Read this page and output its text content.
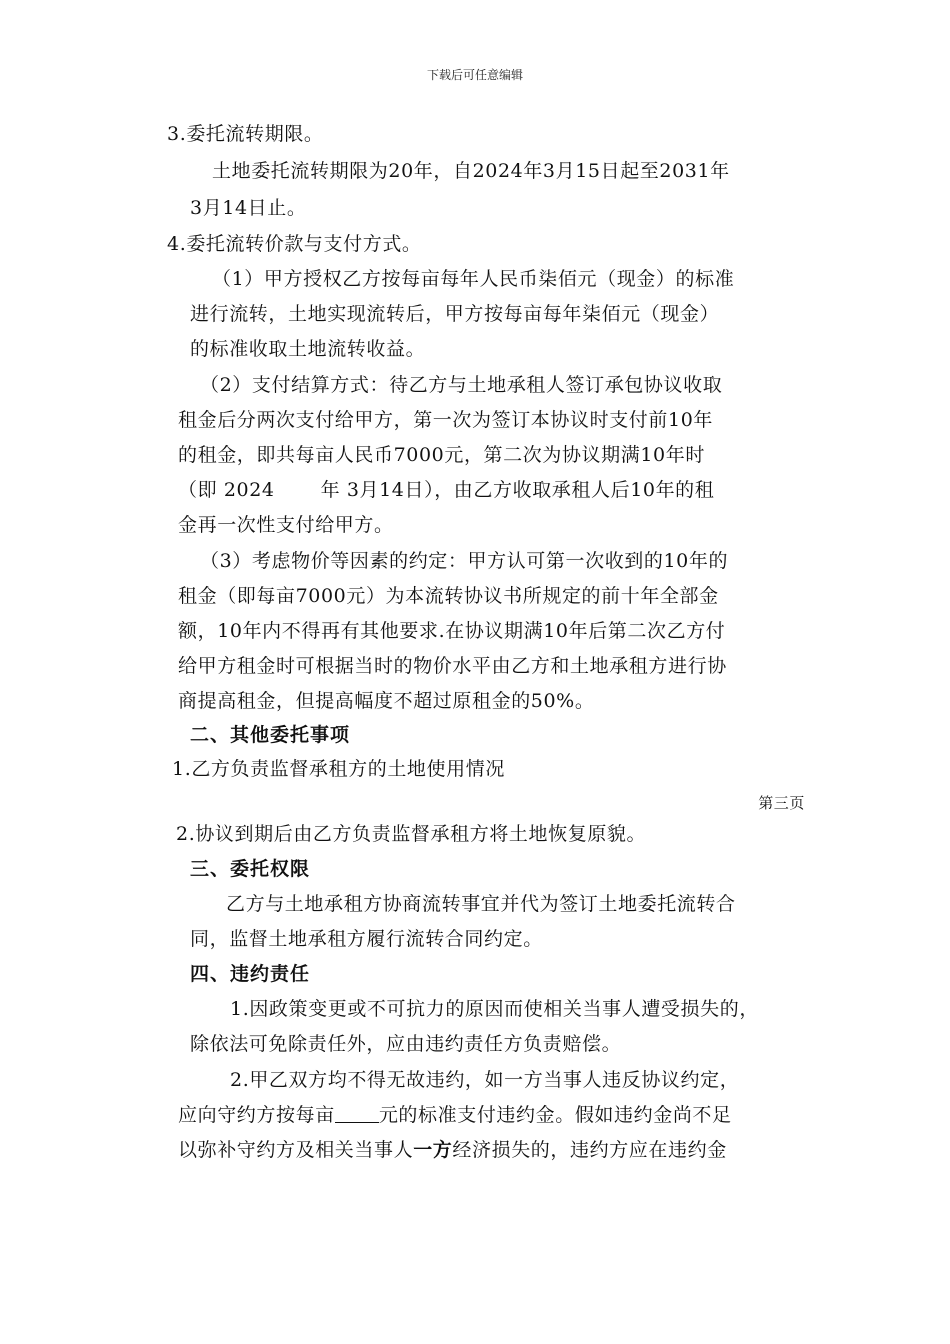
下载后可任意编辑
3.委托流转期限。
土地委托流转期限为20年，自2024年3月15日起至2031年
3月14日止。
4.委托流转价款与支付方式。
（1）甲方授权乙方按每亩每年人民币柒佰元（现金）的标准
进行流转，土地实现流转后，甲方按每亩每年柒佰元（现金）
的标准收取土地流转收益。
（2）支付结算方式：待乙方与土地承租人签订承包协议收取
租金后分两次支付给甲方，第一次为签订本协议时支付前10年
的租金，即共每亩人民币7000元，第二次为协议期满10年时
（即 2024 年 3月14日），由乙方收取承租人后10年的租
金再一次性支付给甲方。
（3）考虑物价等因素的约定：甲方认可第一次收到的10年的
租金（即每亩7000元）为本流转协议书所规定的前十年全部金
额，10年内不得再有其他要求.在协议期满10年后第二次乙方付
给甲方租金时可根据当时的物价水平由乙方和土地承租方进行协
商提高租金，但提高幅度不超过原租金的50%。
二、其他委托事项
1.乙方负责监督承租方的土地使用情况
第三页
2.协议到期后由乙方负责监督承租方将土地恢复原貌。
三、委托权限
乙方与土地承租方协商流转事宜并代为签订土地委托流转合
同，监督土地承租方履行流转合同约定。
四、违约责任
1.因政策变更或不可抗力的原因而使相关当事人遭受损失的，
除依法可免除责任外，应由违约责任方负责赔偿。
2.甲乙双方均不得无故违约，如一方当事人违反协议约定，
应向守约方按每亩 元的标准支付违约金。假如违约金尚不足
以弥补守约方及相关当事人一方经济损失的，违约方应在违约金
